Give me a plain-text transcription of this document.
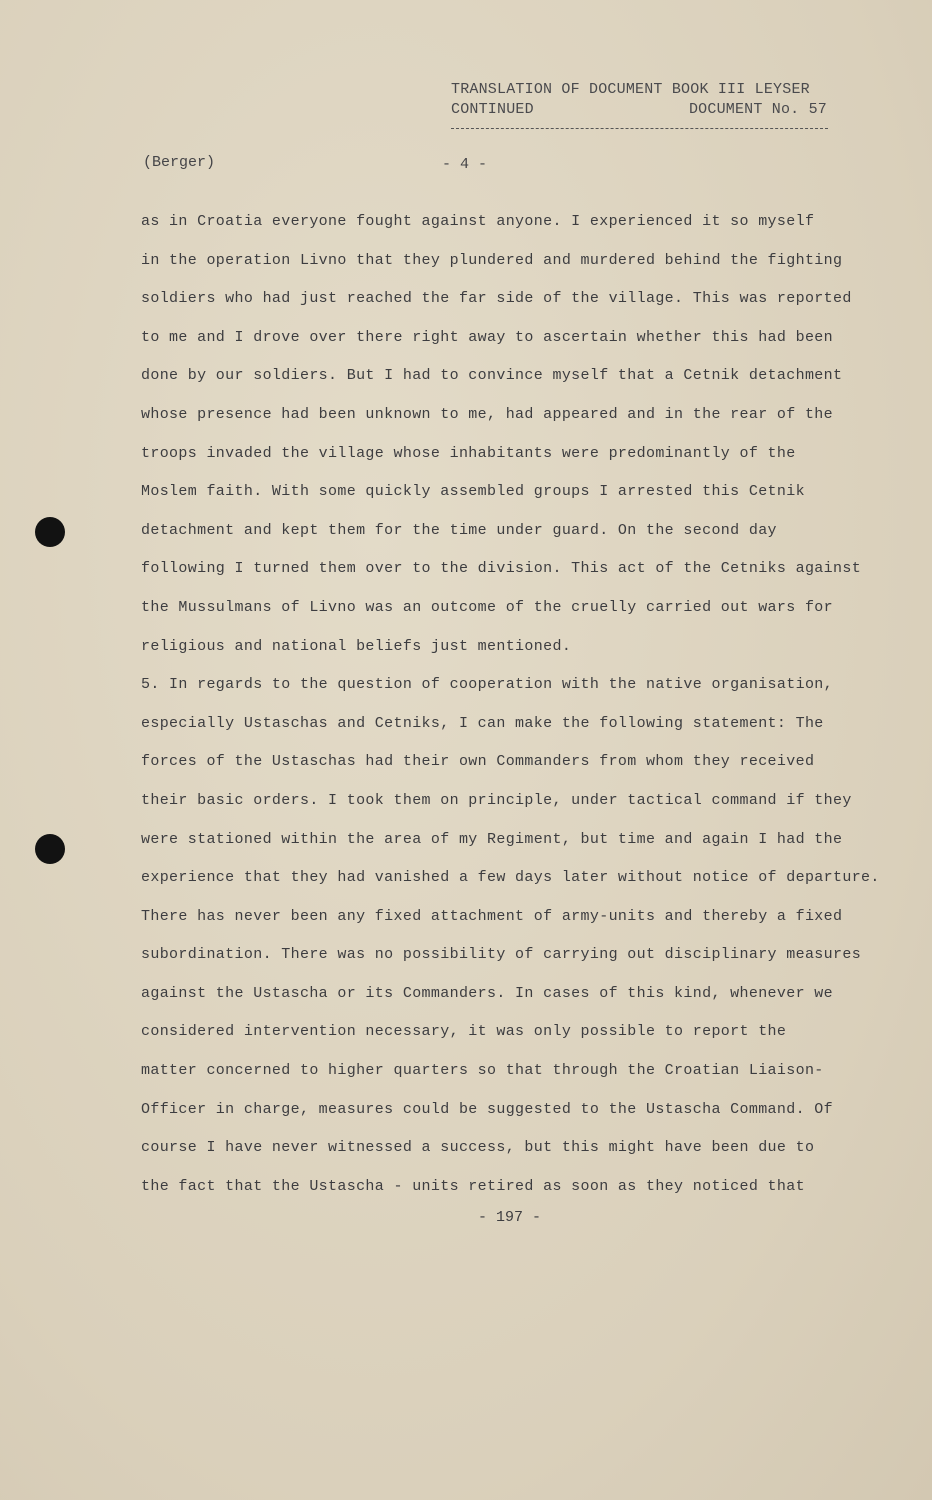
TRANSLATION OF DOCUMENT BOOK III LEYSER
CONTINUED	DOCUMENT No. 57
(Berger)	- 4 -
as in Croatia everyone fought against anyone. I experienced it so myself
in the operation Livno that they plundered and murdered behind the fighting
soldiers who had just reached the far side of the village. This was reported
to me and I drove over there right away to ascertain whether this had been
done by our soldiers. But I had to convince myself that a Cetnik detachment
whose presence had been unknown to me, had appeared and in the rear of the
troops invaded the village whose inhabitants were predominantly of the
Moslem faith. With some quickly assembled groups I arrested this Cetnik
detachment and kept them for the time under guard. On the second day
following I turned them over to the division. This act of the Cetniks against
the Mussulmans of Livno was an outcome of the cruelly carried out wars for
religious and national beliefs just mentioned.
5. In regards to the question of cooperation with the native organisation,
especially Ustaschas and Cetniks, I can make the following statement: The
forces of the Ustaschas had their own Commanders from whom they received
their basic orders. I took them on principle, under tactical command if they
were stationed within the area of my Regiment, but time and again I had the
experience that they had vanished a few days later without notice of departure.
There has never been any fixed attachment of army-units and thereby a fixed
subordination. There was no possibility of carrying out disciplinary measures
against the Ustascha or its Commanders. In cases of this kind, whenever we
considered intervention necessary, it was only possible to report the
matter concerned to higher quarters so that through the Croatian Liaison-
Officer in charge, measures could be suggested to the Ustascha Command. Of
course I have never witnessed a success, but this might have been due to
the fact that the Ustascha - units retired as soon as they noticed that
- 197 -
